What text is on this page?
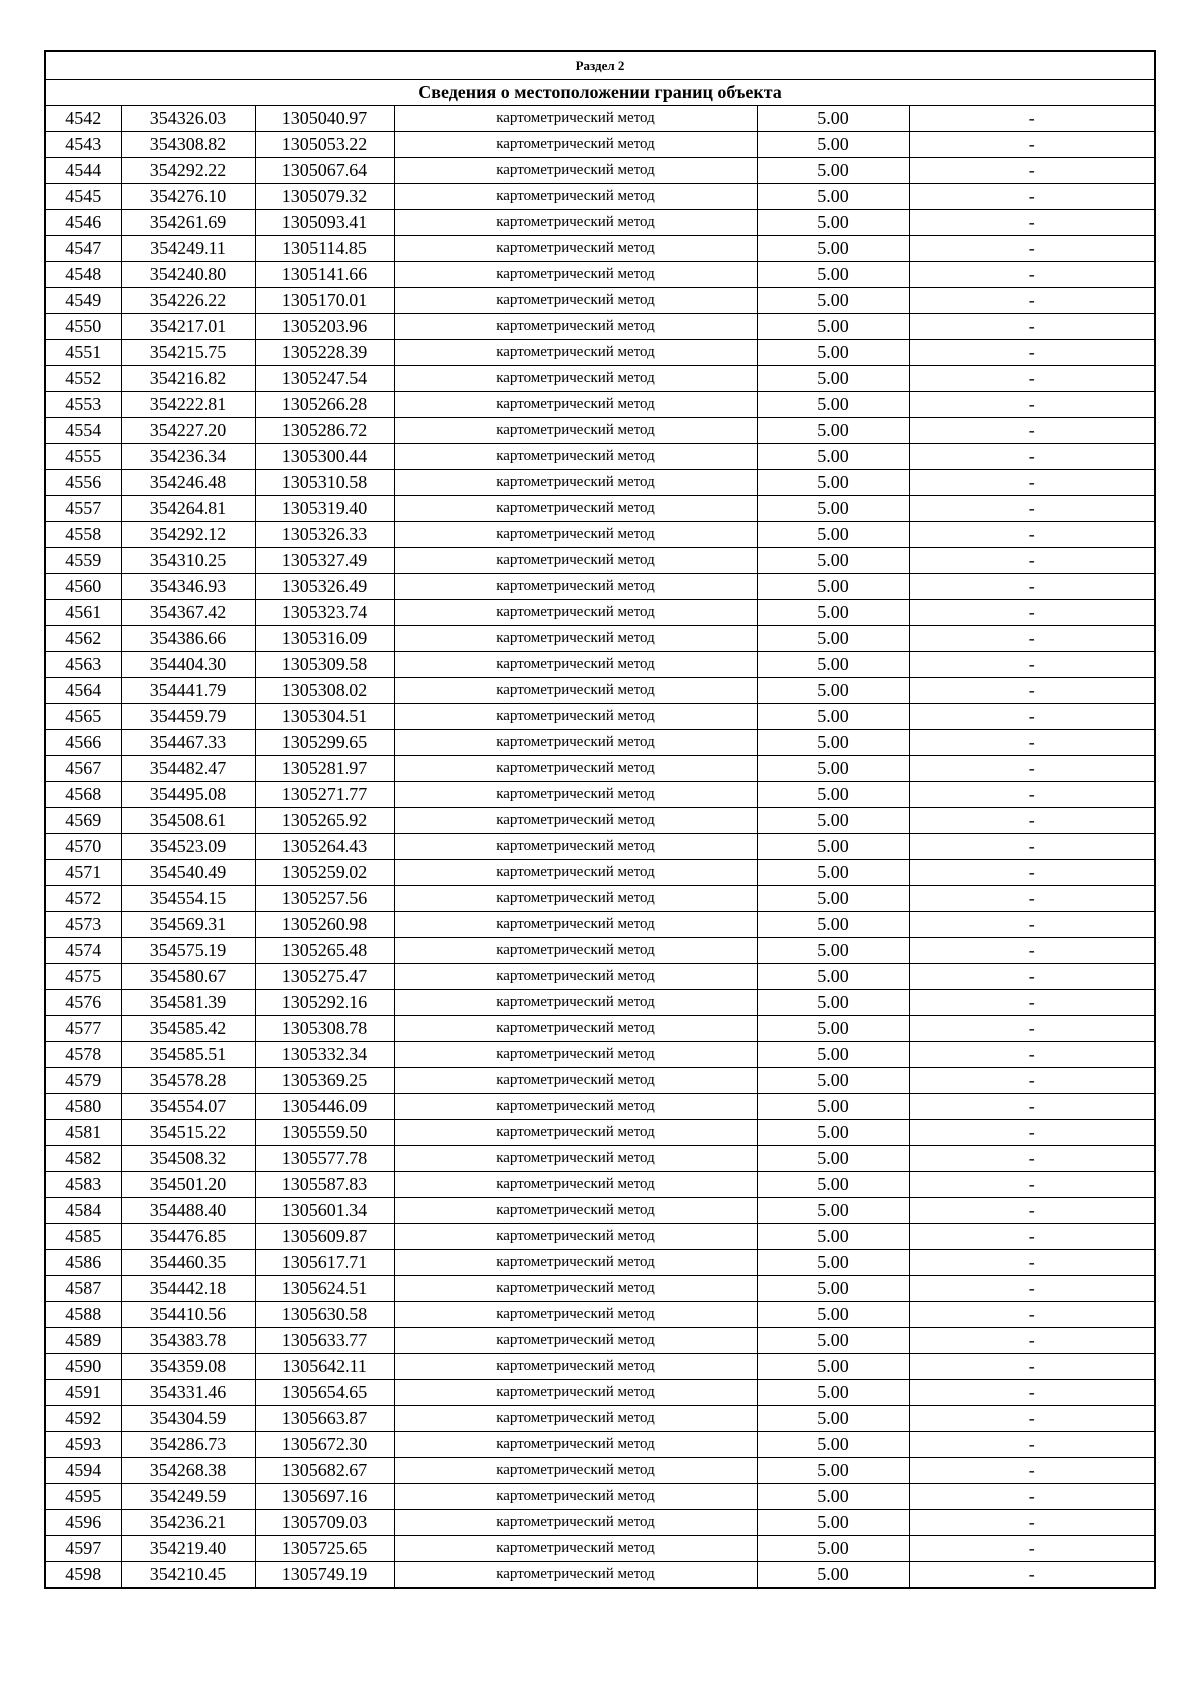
Раздел 2					
Сведения о местоположении границ объекта					
4542	354326.03	1305040.97	картометрический метод	5.00	-
4543	354308.82	1305053.22	картометрический метод	5.00	-
4544	354292.22	1305067.64	картометрический метод	5.00	-
4545	354276.10	1305079.32	картометрический метод	5.00	-
4546	354261.69	1305093.41	картометрический метод	5.00	-
4547	354249.11	1305114.85	картометрический метод	5.00	-
4548	354240.80	1305141.66	картометрический метод	5.00	-
4549	354226.22	1305170.01	картометрический метод	5.00	-
4550	354217.01	1305203.96	картометрический метод	5.00	-
4551	354215.75	1305228.39	картометрический метод	5.00	-
4552	354216.82	1305247.54	картометрический метод	5.00	-
4553	354222.81	1305266.28	картометрический метод	5.00	-
4554	354227.20	1305286.72	картометрический метод	5.00	-
4555	354236.34	1305300.44	картометрический метод	5.00	-
4556	354246.48	1305310.58	картометрический метод	5.00	-
4557	354264.81	1305319.40	картометрический метод	5.00	-
4558	354292.12	1305326.33	картометрический метод	5.00	-
4559	354310.25	1305327.49	картометрический метод	5.00	-
4560	354346.93	1305326.49	картометрический метод	5.00	-
4561	354367.42	1305323.74	картометрический метод	5.00	-
4562	354386.66	1305316.09	картометрический метод	5.00	-
4563	354404.30	1305309.58	картометрический метод	5.00	-
4564	354441.79	1305308.02	картометрический метод	5.00	-
4565	354459.79	1305304.51	картометрический метод	5.00	-
4566	354467.33	1305299.65	картометрический метод	5.00	-
4567	354482.47	1305281.97	картометрический метод	5.00	-
4568	354495.08	1305271.77	картометрический метод	5.00	-
4569	354508.61	1305265.92	картометрический метод	5.00	-
4570	354523.09	1305264.43	картометрический метод	5.00	-
4571	354540.49	1305259.02	картометрический метод	5.00	-
4572	354554.15	1305257.56	картометрический метод	5.00	-
4573	354569.31	1305260.98	картометрический метод	5.00	-
4574	354575.19	1305265.48	картометрический метод	5.00	-
4575	354580.67	1305275.47	картометрический метод	5.00	-
4576	354581.39	1305292.16	картометрический метод	5.00	-
4577	354585.42	1305308.78	картометрический метод	5.00	-
4578	354585.51	1305332.34	картометрический метод	5.00	-
4579	354578.28	1305369.25	картометрический метод	5.00	-
4580	354554.07	1305446.09	картометрический метод	5.00	-
4581	354515.22	1305559.50	картометрический метод	5.00	-
4582	354508.32	1305577.78	картометрический метод	5.00	-
4583	354501.20	1305587.83	картометрический метод	5.00	-
4584	354488.40	1305601.34	картометрический метод	5.00	-
4585	354476.85	1305609.87	картометрический метод	5.00	-
4586	354460.35	1305617.71	картометрический метод	5.00	-
4587	354442.18	1305624.51	картометрический метод	5.00	-
4588	354410.56	1305630.58	картометрический метод	5.00	-
4589	354383.78	1305633.77	картометрический метод	5.00	-
4590	354359.08	1305642.11	картометрический метод	5.00	-
4591	354331.46	1305654.65	картометрический метод	5.00	-
4592	354304.59	1305663.87	картометрический метод	5.00	-
4593	354286.73	1305672.30	картометрический метод	5.00	-
4594	354268.38	1305682.67	картометрический метод	5.00	-
4595	354249.59	1305697.16	картометрический метод	5.00	-
4596	354236.21	1305709.03	картометрический метод	5.00	-
4597	354219.40	1305725.65	картометрический метод	5.00	-
4598	354210.45	1305749.19	картометрический метод	5.00	-
